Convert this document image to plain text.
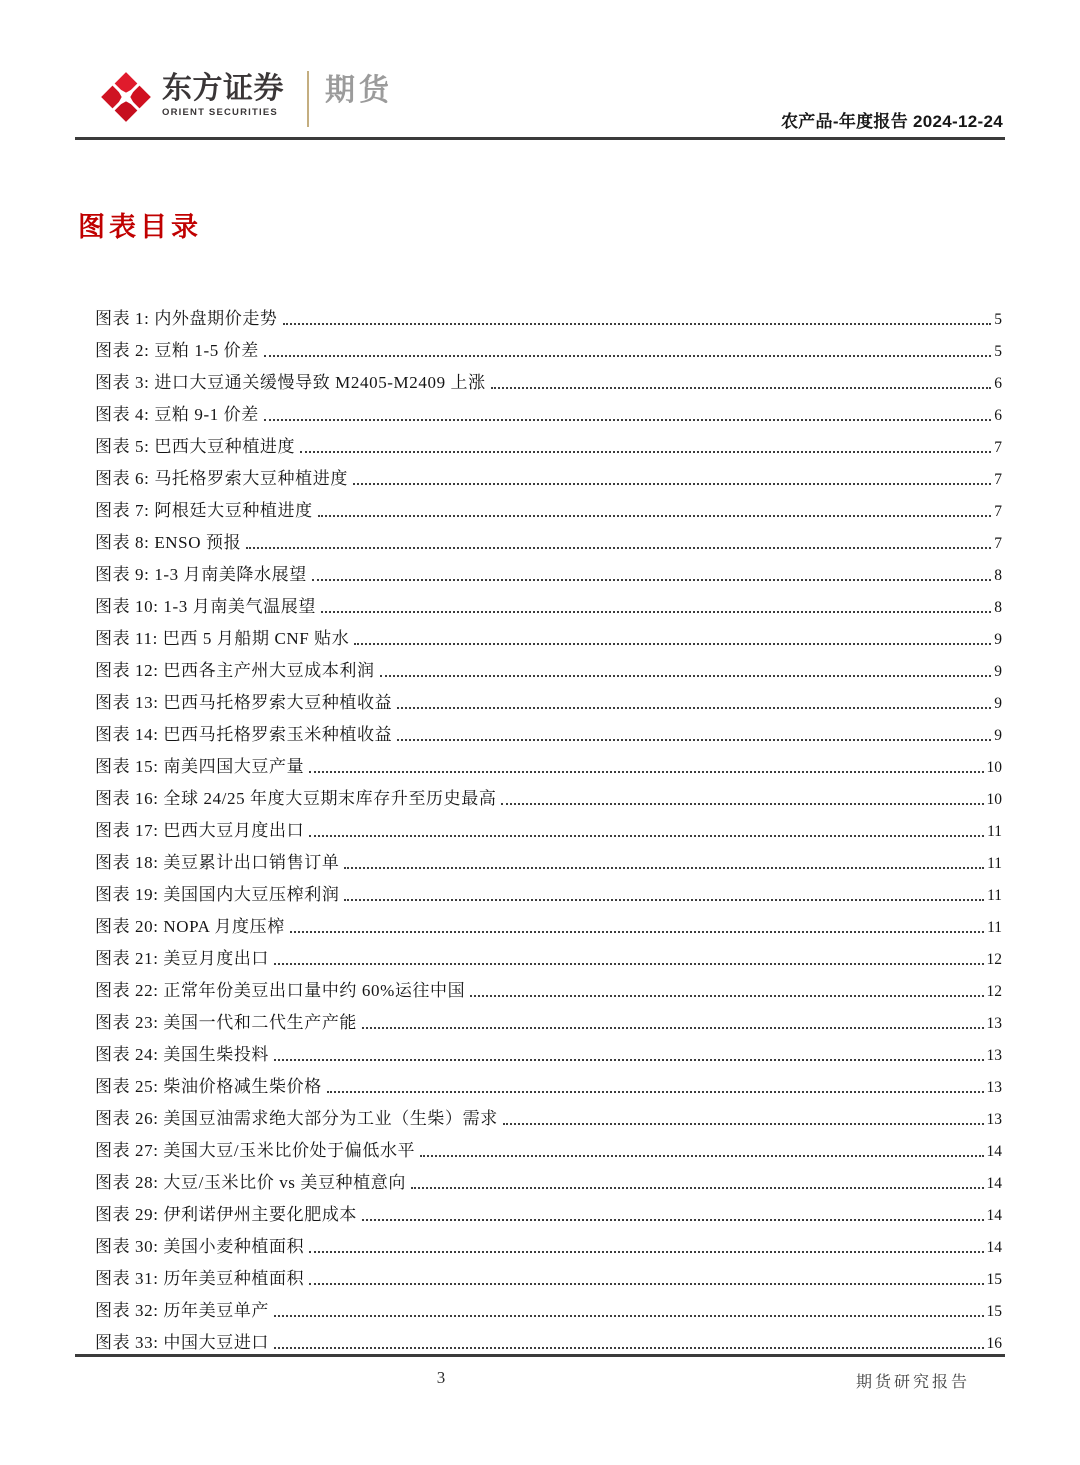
东方证券
ORIENT SECURITIES
期货
农产品-年度报告 2024-12-24
图表目录
图表 1: 内外盘期价走势	5
图表 2: 豆粕 1-5 价差	5
图表 3: 进口大豆通关缓慢导致 M2405-M2409 上涨	6
图表 4: 豆粕 9-1 价差	6
图表 5: 巴西大豆种植进度	7
图表 6: 马托格罗索大豆种植进度	7
图表 7: 阿根廷大豆种植进度	7
图表 8: ENSO 预报	7
图表 9: 1-3 月南美降水展望	8
图表 10: 1-3 月南美气温展望	8
图表 11: 巴西 5 月船期 CNF 贴水	9
图表 12: 巴西各主产州大豆成本利润	9
图表 13: 巴西马托格罗索大豆种植收益	9
图表 14: 巴西马托格罗索玉米种植收益	9
图表 15: 南美四国大豆产量	10
图表 16: 全球 24/25 年度大豆期末库存升至历史最高	10
图表 17: 巴西大豆月度出口	11
图表 18: 美豆累计出口销售订单	11
图表 19: 美国国内大豆压榨利润	11
图表 20: NOPA 月度压榨	11
图表 21: 美豆月度出口	12
图表 22: 正常年份美豆出口量中约 60%运往中国	12
图表 23: 美国一代和二代生产产能	13
图表 24: 美国生柴投料	13
图表 25: 柴油价格减生柴价格	13
图表 26: 美国豆油需求绝大部分为工业（生柴）需求	13
图表 27: 美国大豆/玉米比价处于偏低水平	14
图表 28: 大豆/玉米比价 vs 美豆种植意向	14
图表 29: 伊利诺伊州主要化肥成本	14
图表 30: 美国小麦种植面积	14
图表 31: 历年美豆种植面积	15
图表 32: 历年美豆单产	15
图表 33: 中国大豆进口	16
3	期货研究报告
